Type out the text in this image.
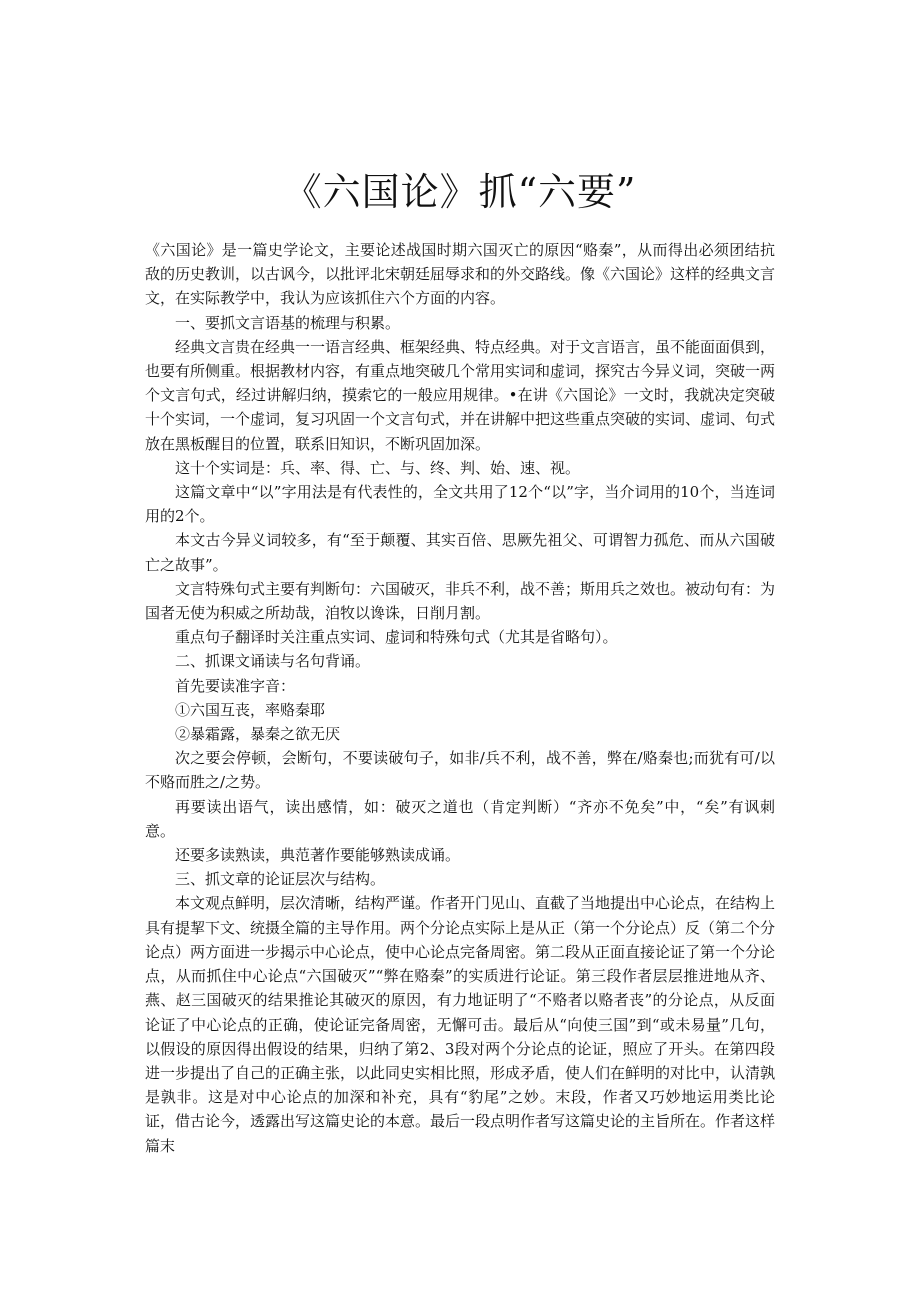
《六国论》抓“六要”

《六国论》是一篇史学论文，主要论述战国时期六国灭亡的原因“赂秦”，从而得出必须团结抗敌的历史教训，以古讽今，以批评北宋朝廷屈辱求和的外交路线。像《六国论》这样的经典文言文，在实际教学中，我认为应该抓住六个方面的内容。

一、要抓文言语基的梳理与积累。

经典文言贵在经典一一语言经典、框架经典、特点经典。对于文言语言，虽不能面面俱到，也要有所侧重。根据教材内容，有重点地突破几个常用实词和虚词，探究古今异义词，突破一两个文言句式，经过讲解归纳，摸索它的一般应用规律。•在讲《六国论》一文时，我就决定突破十个实词，一个虚词，复习巩固一个文言句式，并在讲解中把这些重点突破的实词、虚词、句式放在黑板醒目的位置，联系旧知识，不断巩固加深。

这十个实词是：兵、率、得、亡、与、终、判、始、速、视。

这篇文章中“以”字用法是有代表性的，全文共用了12个“以”字，当介词用的10个，当连词用的2个。

本文古今异义词较多，有“至于颠覆、其实百倍、思厥先祖父、可谓智力孤危、而从六国破亡之故事”。

文言特殊句式主要有判断句：六国破灭，非兵不利，战不善；斯用兵之效也。被动句有：为国者无使为积威之所劫哉，洎牧以谗诛，日削月割。

重点句子翻译时关注重点实词、虚词和特殊句式（尤其是省略句）。

二、抓课文诵读与名句背诵。

首先要读准字音：

①六国互丧，率赂秦耶

②暴霜露，暴秦之欲无厌

次之要会停顿，会断句，不要读破句子，如非/兵不利，战不善，弊在/赂秦也;而犹有可/以不赂而胜之/之势。

再要读出语气，读出感情，如：破灭之道也（肯定判断）“齐亦不免矣”中，“矣”有讽刺意。

还要多读熟读，典范著作要能够熟读成诵。

三、抓文章的论证层次与结构。

本文观点鲜明，层次清晰，结构严谨。作者开门见山、直截了当地提出中心论点，在结构上具有提挈下文、统摄全篇的主导作用。两个分论点实际上是从正（第一个分论点）反（第二个分论点）两方面进一步揭示中心论点，使中心论点完备周密。第二段从正面直接论证了第一个分论点，从而抓住中心论点“六国破灭”“弊在赂秦”的实质进行论证。第三段作者层层推进地从齐、燕、赵三国破灭的结果推论其破灭的原因，有力地证明了“不赂者以赂者丧”的分论点，从反面论证了中心论点的正确，使论证完备周密，无懈可击。最后从“向使三国”到“或未易量”几句，以假设的原因得出假设的结果，归纳了第2、3段对两个分论点的论证，照应了开头。在第四段进一步提出了自己的正确主张，以此同史实相比照，形成矛盾，使人们在鲜明的对比中，认清孰是孰非。这是对中心论点的加深和补充，具有“豹尾”之妙。末段，作者又巧妙地运用类比论证，借古论今，透露出写这篇史论的本意。最后一段点明作者写这篇史论的主旨所在。作者这样篇末
